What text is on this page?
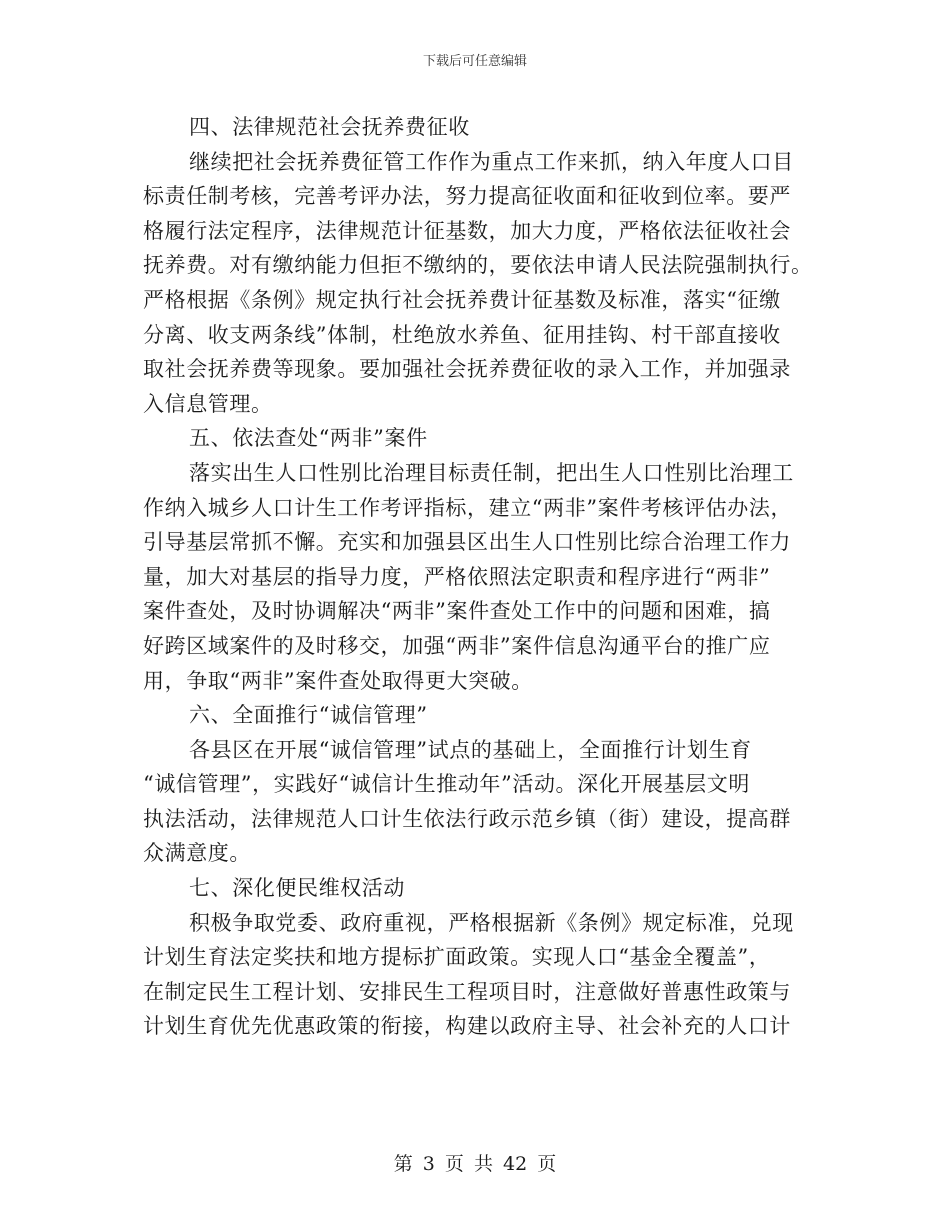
下载后可任意编辑
四、法律规范社会抚养费征收
继续把社会抚养费征管工作作为重点工作来抓，纳入年度人口目
标责任制考核，完善考评办法，努力提高征收面和征收到位率。要严
格履行法定程序，法律规范计征基数，加大力度，严格依法征收社会
抚养费。对有缴纳能力但拒不缴纳的，要依法申请人民法院强制执行。
严格根据《条例》规定执行社会抚养费计征基数及标准，落实“征缴
分离、收支两条线”体制，杜绝放水养鱼、征用挂钩、村干部直接收
取社会抚养费等现象。要加强社会抚养费征收的录入工作，并加强录
入信息管理。
五、依法查处“两非”案件
落实出生人口性别比治理目标责任制，把出生人口性别比治理工
作纳入城乡人口计生工作考评指标，建立“两非”案件考核评估办法，
引导基层常抓不懈。充实和加强县区出生人口性别比综合治理工作力
量，加大对基层的指导力度，严格依照法定职责和程序进行“两非”
案件查处，及时协调解决“两非”案件查处工作中的问题和困难，搞
好跨区域案件的及时移交，加强“两非”案件信息沟通平台的推广应
用，争取“两非”案件查处取得更大突破。
六、全面推行“诚信管理”
各县区在开展“诚信管理”试点的基础上，全面推行计划生育
“诚信管理”，实践好“诚信计生推动年”活动。深化开展基层文明
执法活动，法律规范人口计生依法行政示范乡镇（街）建设，提高群
众满意度。
七、深化便民维权活动
积极争取党委、政府重视，严格根据新《条例》规定标准，兑现
计划生育法定奖扶和地方提标扩面政策。实现人口“基金全覆盖”，
在制定民生工程计划、安排民生工程项目时，注意做好普惠性政策与
计划生育优先优惠政策的衔接，构建以政府主导、社会补充的人口计
第 3 页 共 42 页
